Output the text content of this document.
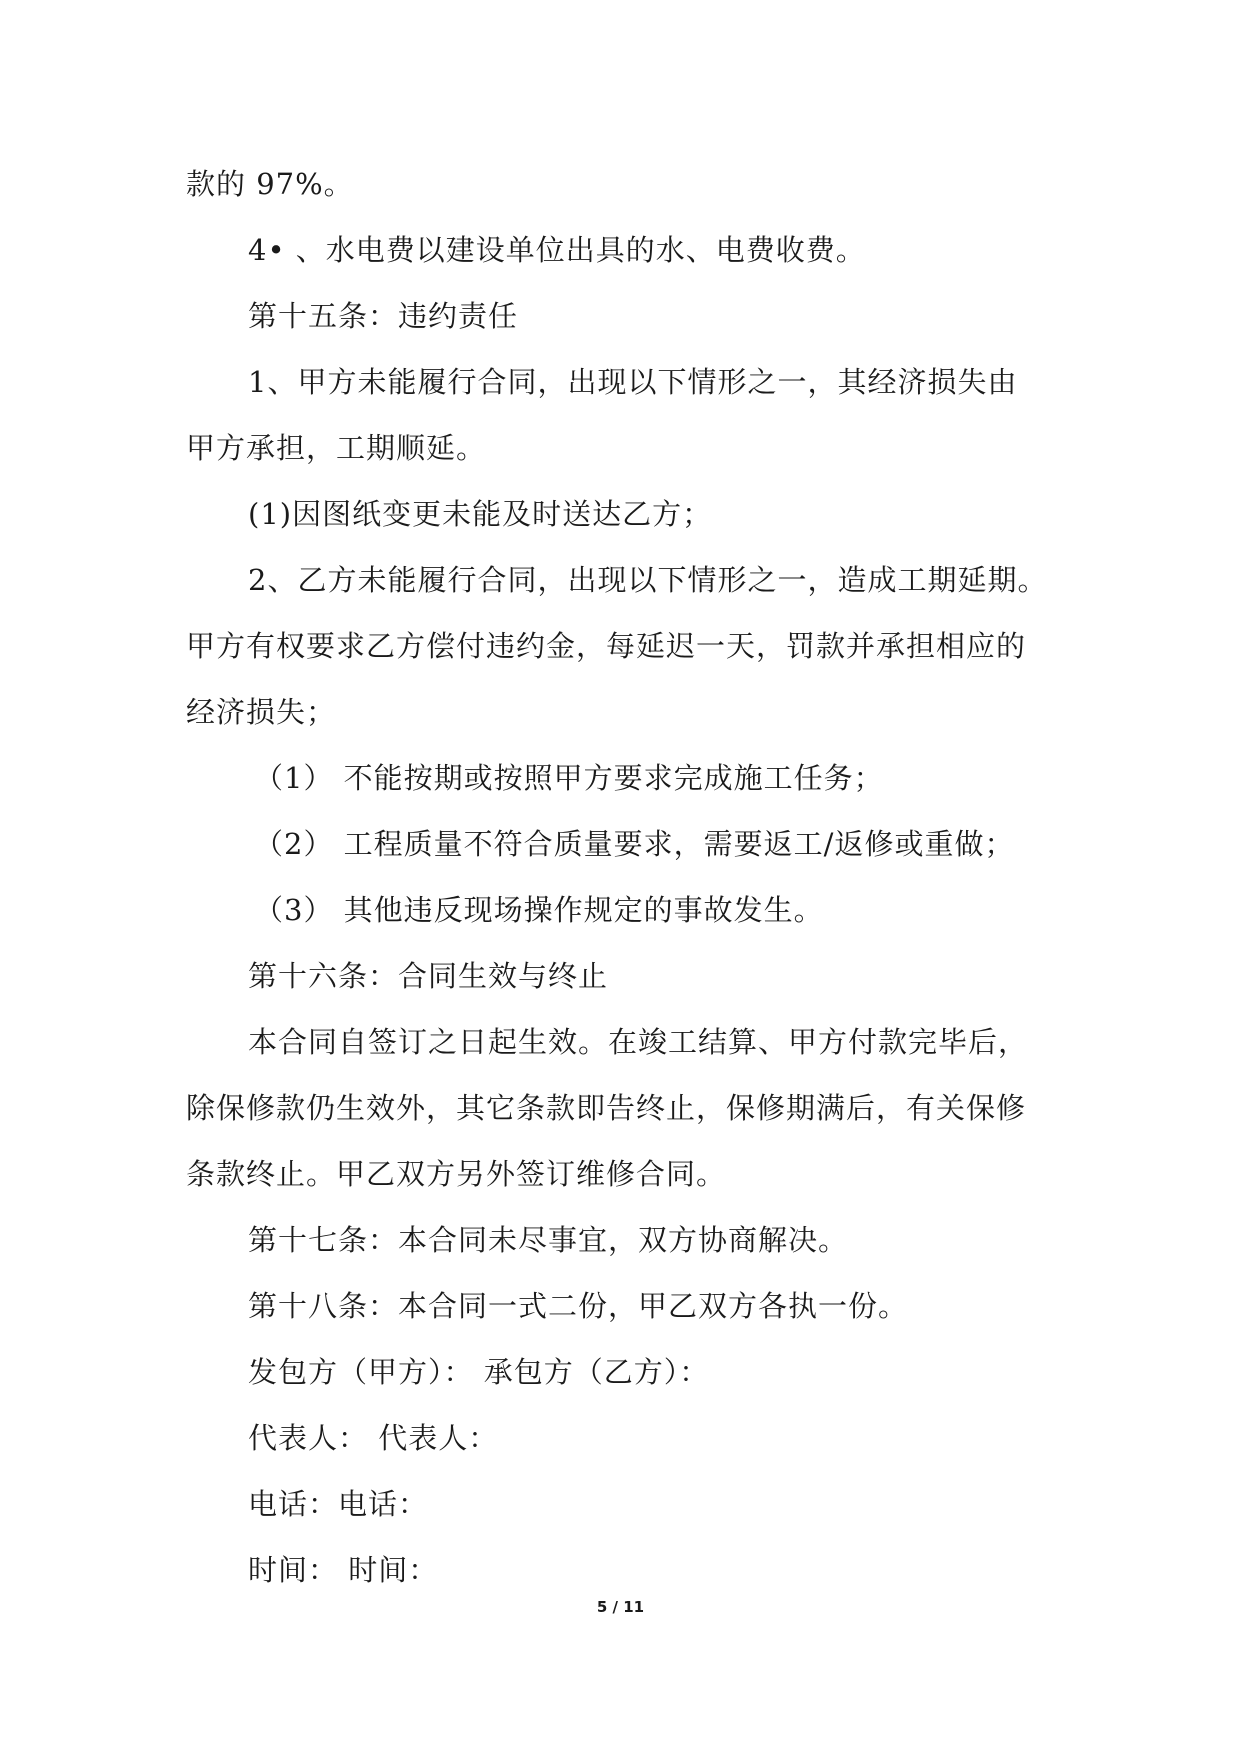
款的 97%。
4• 、水电费以建设单位出具的水、电费收费。
第十五条：违约责任
1、甲方未能履行合同，出现以下情形之一，其经济损失由
甲方承担，工期顺延。
(1)因图纸变更未能及时送达乙方；
2、乙方未能履行合同，出现以下情形之一，造成工期延期。
甲方有权要求乙方偿付违约金，每延迟一天，罚款并承担相应的
经济损失；
（1） 不能按期或按照甲方要求完成施工任务；
（2） 工程质量不符合质量要求，需要返工/返修或重做；
（3） 其他违反现场操作规定的事故发生。
第十六条：合同生效与终止
本合同自签订之日起生效。在竣工结算、甲方付款完毕后，
除保修款仍生效外，其它条款即告终止，保修期满后，有关保修
条款终止。甲乙双方另外签订维修合同。
第十七条：本合同未尽事宜，双方协商解决。
第十八条：本合同一式二份，甲乙双方各执一份。
发包方（甲方）： 承包方（乙方）：
代表人： 代表人：
电话：电话：
时间： 时间：
5 / 11
